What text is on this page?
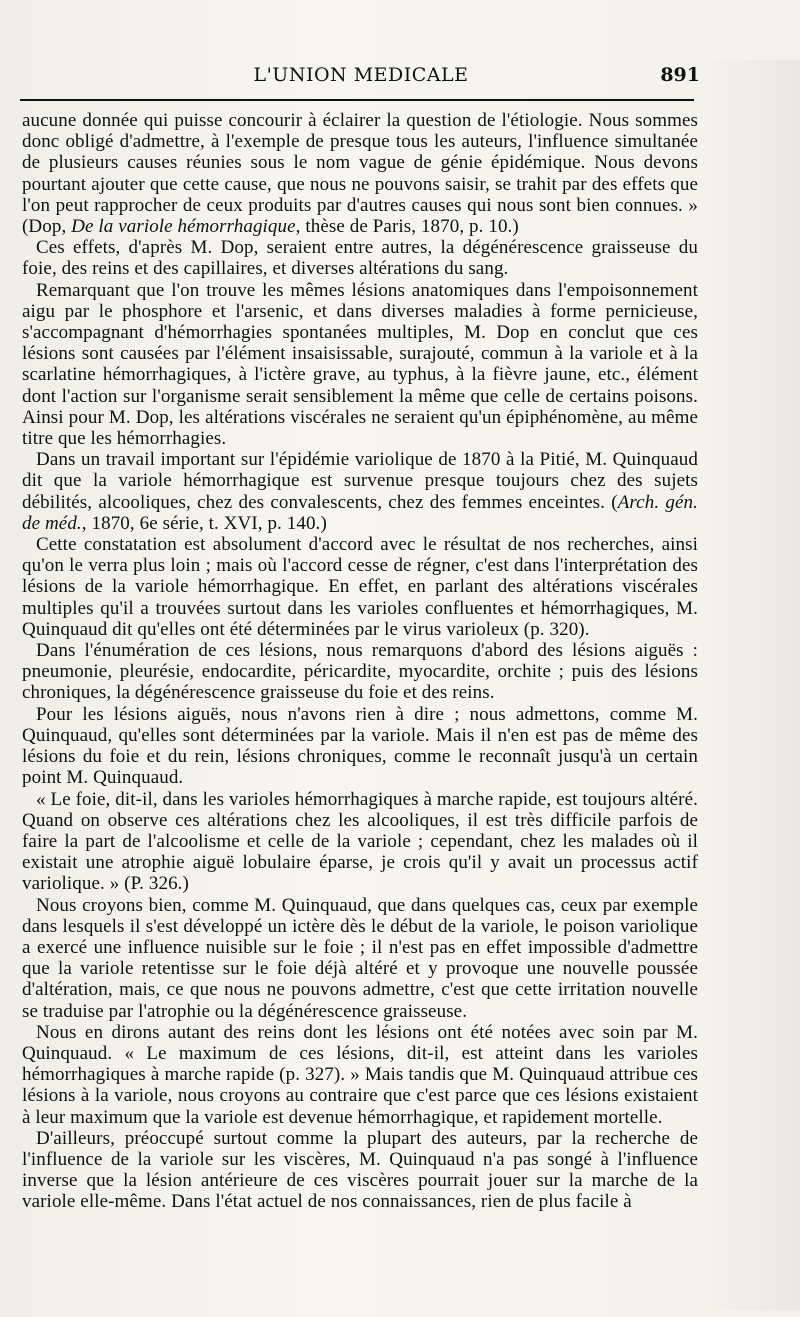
L'UNION MEDICALE	891

aucune donnée qui puisse concourir à éclairer la question de l'étiologie. Nous sommes donc obligé d'admettre, à l'exemple de presque tous les auteurs, l'influence simultanée de plusieurs causes réunies sous le nom vague de génie épidémique. Nous devons pourtant ajouter que cette cause, que nous ne pouvons saisir, se trahit par des effets que l'on peut rapprocher de ceux produits par d'autres causes qui nous sont bien connues. » (Dop, De la variole hémorrhagique, thèse de Paris, 1870, p. 10.)

Ces effets, d'après M. Dop, seraient entre autres, la dégénérescence graisseuse du foie, des reins et des capillaires, et diverses altérations du sang.

Remarquant que l'on trouve les mêmes lésions anatomiques dans l'empoisonnement aigu par le phosphore et l'arsenic, et dans diverses maladies à forme pernicieuse, s'accompagnant d'hémorrhagies spontanées multiples, M. Dop en conclut que ces lésions sont causées par l'élément insaisissable, surajouté, commun à la variole et à la scarlatine hémorrhagiques, à l'ictère grave, au typhus, à la fièvre jaune, etc., élément dont l'action sur l'organisme serait sensiblement la même que celle de certains poisons. Ainsi pour M. Dop, les altérations viscérales ne seraient qu'un épiphénomène, au même titre que les hémorrhagies.

Dans un travail important sur l'épidémie variolique de 1870 à la Pitié, M. Quinquaud dit que la variole hémorrhagique est survenue presque toujours chez des sujets débilités, alcooliques, chez des convalescents, chez des femmes enceintes. (Arch. gén. de méd., 1870, 6e série, t. XVI, p. 140.)

Cette constatation est absolument d'accord avec le résultat de nos recherches, ainsi qu'on le verra plus loin ; mais où l'accord cesse de régner, c'est dans l'interprétation des lésions de la variole hémorrhagique. En effet, en parlant des altérations viscérales multiples qu'il a trouvées surtout dans les varioles confluentes et hémorrhagiques, M. Quinquaud dit qu'elles ont été déterminées par le virus varioleux (p. 320).

Dans l'énumération de ces lésions, nous remarquons d'abord des lésions aiguës : pneumonie, pleurésie, endocardite, péricardite, myocardite, orchite ; puis des lésions chroniques, la dégénérescence graisseuse du foie et des reins.

Pour les lésions aiguës, nous n'avons rien à dire ; nous admettons, comme M. Quinquaud, qu'elles sont déterminées par la variole. Mais il n'en est pas de même des lésions du foie et du rein, lésions chroniques, comme le reconnaît jusqu'à un certain point M. Quinquaud.

« Le foie, dit-il, dans les varioles hémorrhagiques à marche rapide, est toujours altéré. Quand on observe ces altérations chez les alcooliques, il est très difficile parfois de faire la part de l'alcoolisme et celle de la variole ; cependant, chez les malades où il existait une atrophie aiguë lobulaire éparse, je crois qu'il y avait un processus actif variolique. » (P. 326.)

Nous croyons bien, comme M. Quinquaud, que dans quelques cas, ceux par exemple dans lesquels il s'est développé un ictère dès le début de la variole, le poison variolique a exercé une influence nuisible sur le foie ; il n'est pas en effet impossible d'admettre que la variole retentisse sur le foie déjà altéré et y provoque une nouvelle poussée d'altération, mais, ce que nous ne pouvons admettre, c'est que cette irritation nouvelle se traduise par l'atrophie ou la dégénérescence graisseuse.

Nous en dirons autant des reins dont les lésions ont été notées avec soin par M. Quinquaud. « Le maximum de ces lésions, dit-il, est atteint dans les varioles hémorrhagiques à marche rapide (p. 327). » Mais tandis que M. Quinquaud attribue ces lésions à la variole, nous croyons au contraire que c'est parce que ces lésions existaient à leur maximum que la variole est devenue hémorrhagique, et rapidement mortelle.

D'ailleurs, préoccupé surtout comme la plupart des auteurs, par la recherche de l'influence de la variole sur les viscères, M. Quinquaud n'a pas songé à l'influence inverse que la lésion antérieure de ces viscères pourrait jouer sur la marche de la variole elle-même. Dans l'état actuel de nos connaissances, rien de plus facile à
